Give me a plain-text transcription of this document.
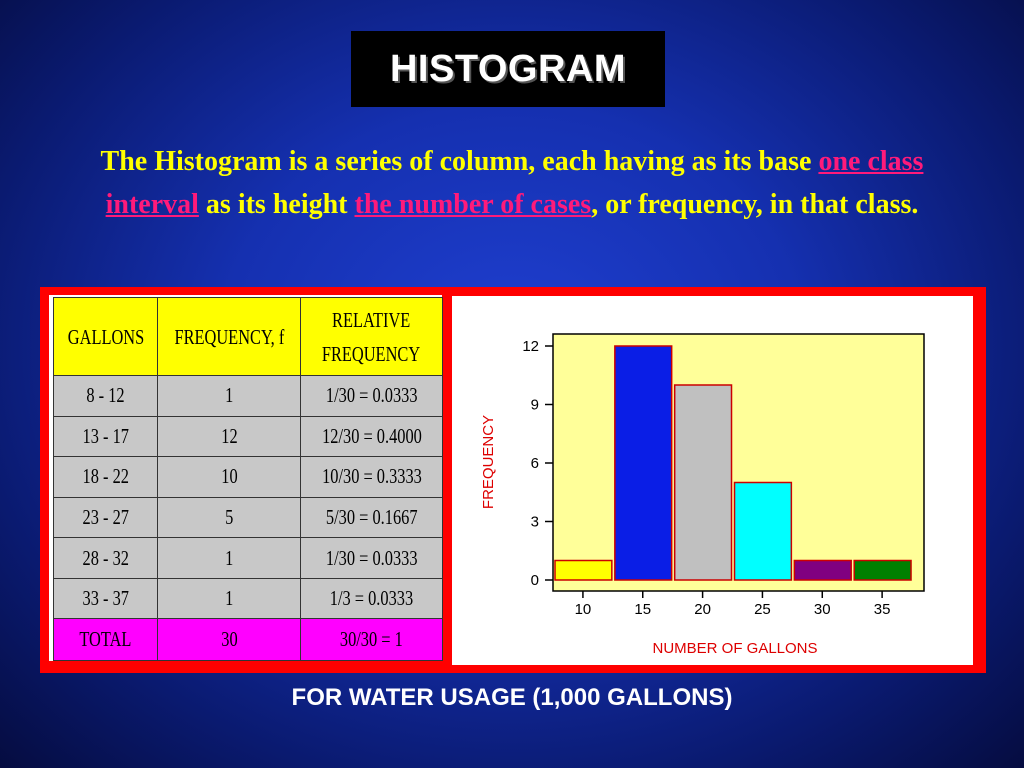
HISTOGRAM
The Histogram is a series of column, each having as its base one class interval as its height the number of cases, or frequency, in that class.
GALLONS	FREQUENCY, f	RELATIVE
FREQUENCY
8 - 12	1	1/30 = 0.0333
13 - 17	12	12/30 = 0.4000
18 - 22	10	10/30 = 0.3333
23 - 27	5	5/30 = 0.1667
28 - 32	1	1/30 = 0.0333
33 - 37	1	1/3 = 0.0333
TOTAL	30	30/30 = 1
0
3
6
9
12
10	15	20	25	30	35
NUMBER OF GALLONS
FREQUENCY
FOR WATER USAGE (1,000 GALLONS)
